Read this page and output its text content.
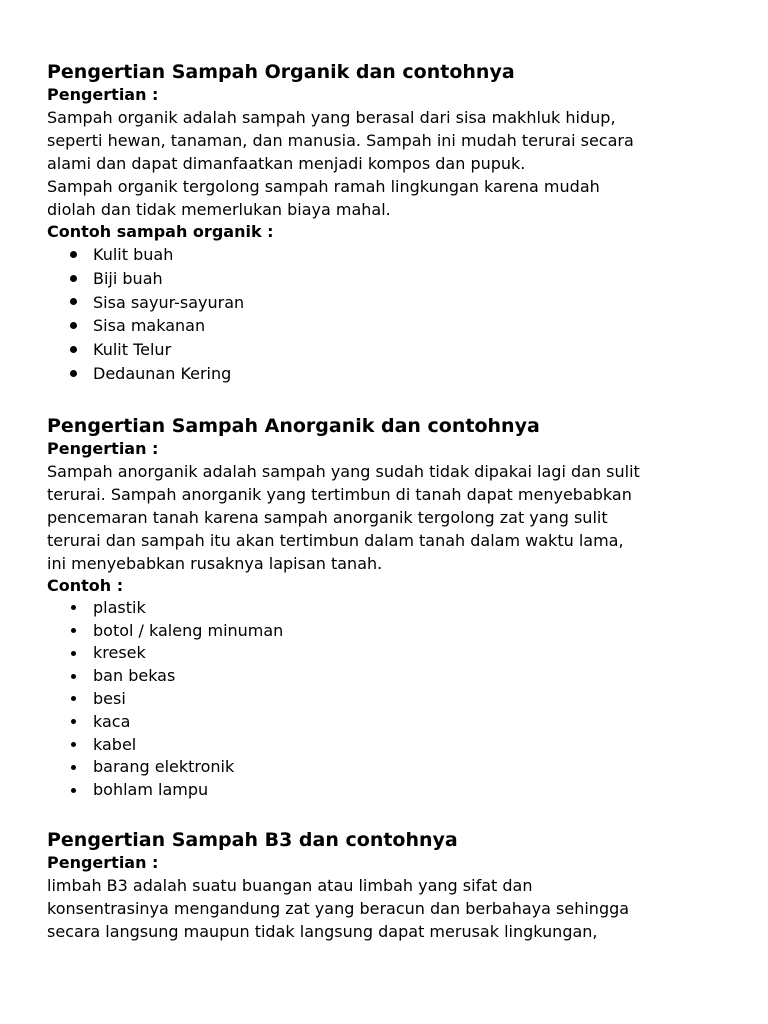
Pengertian Sampah Organik dan contohnya
Pengertian :
Sampah organik adalah sampah yang berasal dari sisa makhluk hidup,
seperti hewan, tanaman, dan manusia. Sampah ini mudah terurai secara
alami dan dapat dimanfaatkan menjadi kompos dan pupuk.
Sampah organik tergolong sampah ramah lingkungan karena mudah
diolah dan tidak memerlukan biaya mahal.
Contoh sampah organik :
Kulit buah
Biji buah
Sisa sayur-sayuran
Sisa makanan
Kulit Telur
Dedaunan Kering
Pengertian Sampah Anorganik dan contohnya
Pengertian :
Sampah anorganik adalah sampah yang sudah tidak dipakai lagi dan sulit
terurai. Sampah anorganik yang tertimbun di tanah dapat menyebabkan
pencemaran tanah karena sampah anorganik tergolong zat yang sulit
terurai dan sampah itu akan tertimbun dalam tanah dalam waktu lama,
ini menyebabkan rusaknya lapisan tanah.
Contoh :
plastik
botol / kaleng minuman
kresek
ban bekas
besi
kaca
kabel
barang elektronik
bohlam lampu
Pengertian Sampah B3 dan contohnya
Pengertian :
limbah B3 adalah suatu buangan atau limbah yang sifat dan
konsentrasinya mengandung zat yang beracun dan berbahaya sehingga
secara langsung maupun tidak langsung dapat merusak lingkungan,
